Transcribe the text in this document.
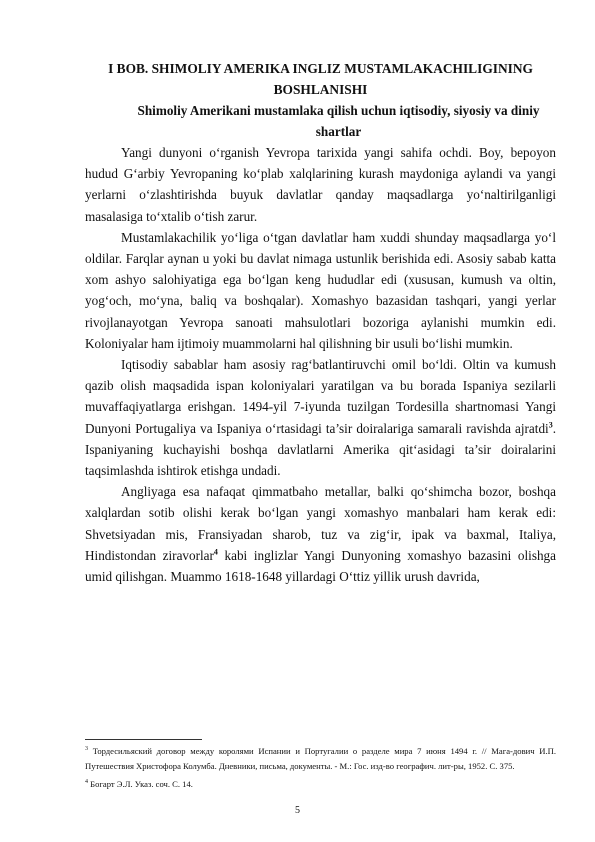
I BOB. SHIMOLIY AMERIKA INGLIZ MUSTAMLAKACHILIGINING BOSHLANISHI

Shimoliy Amerikani mustamlaka qilish uchun iqtisodiy, siyosiy va diniy shartlar

Yangi dunyoni o‘rganish Yevropa tarixida yangi sahifa ochdi. Boy, bepoyon hudud G‘arbiy Yevropaning ko‘plab xalqlarining kurash maydoniga aylandi va yangi yerlarni o‘zlashtirishda buyuk davlatlar qanday maqsadlarga yo‘naltirilganligi masalasiga to‘xtalib o‘tish zarur.

Mustamlakachilik yo‘liga o‘tgan davlatlar ham xuddi shunday maqsadlarga yo‘l oldilar. Farqlar aynan u yoki bu davlat nimaga ustunlik berishida edi. Asosiy sabab katta xom ashyo salohiyatiga ega bo‘lgan keng hududlar edi (xususan, kumush va oltin, yog‘och, mo‘yna, baliq va boshqalar). Xomashyo bazasidan tashqari, yangi yerlar rivojlanayotgan Yevropa sanoati mahsulotlari bozoriga aylanishi mumkin edi. Koloniyalar ham ijtimoiy muammolarni hal qilishning bir usuli bo‘lishi mumkin.

Iqtisodiy sabablar ham asosiy rag‘batlantiruvchi omil bo‘ldi. Oltin va kumush qazib olish maqsadida ispan koloniyalari yaratilgan va bu borada Ispaniya sezilarli muvaffaqiyatlarga erishgan. 1494-yil 7-iyunda tuzilgan Tordesilla shartnomasi Yangi Dunyoni Portugaliya va Ispaniya o‘rtasidagi ta’sir doiralariga samarali ravishda ajratdi$^3$. Ispaniyaning kuchayishi boshqa davlatlarni Amerika qit‘asidagi ta’sir doiralarini taqsimlashda ishtirok etishga undadi.

Angliyaga esa nafaqat qimmatbaho metallar, balki qo‘shimcha bozor, boshqa xalqlardan sotib olishi kerak bo‘lgan yangi xomashyo manbalari ham kerak edi: Shvetsiyadan mis, Fransiyadan sharob, tuz va zig‘ir, ipak va baxmal, Italiya, Hindistondan ziravorlar$^4$ kabi inglizlar Yangi Dunyoning xomashyo bazasini olishga umid qilishgan. Muammo 1618-1648 yillardagi O‘ttiz yillik urush davrida,

$^3$ Тордесильяский договор между королями Испании и Португалии о разделе мира 7 июня 1494 г. // Мага-дович И.П. Путешествия Христофора Колумба. Дневники, письма, документы. - М.: Гос. изд-во географич. лит-ры, 1952. С. 375.

$^4$ Богарт Э.Л. Указ. соч. С. 14.

5
